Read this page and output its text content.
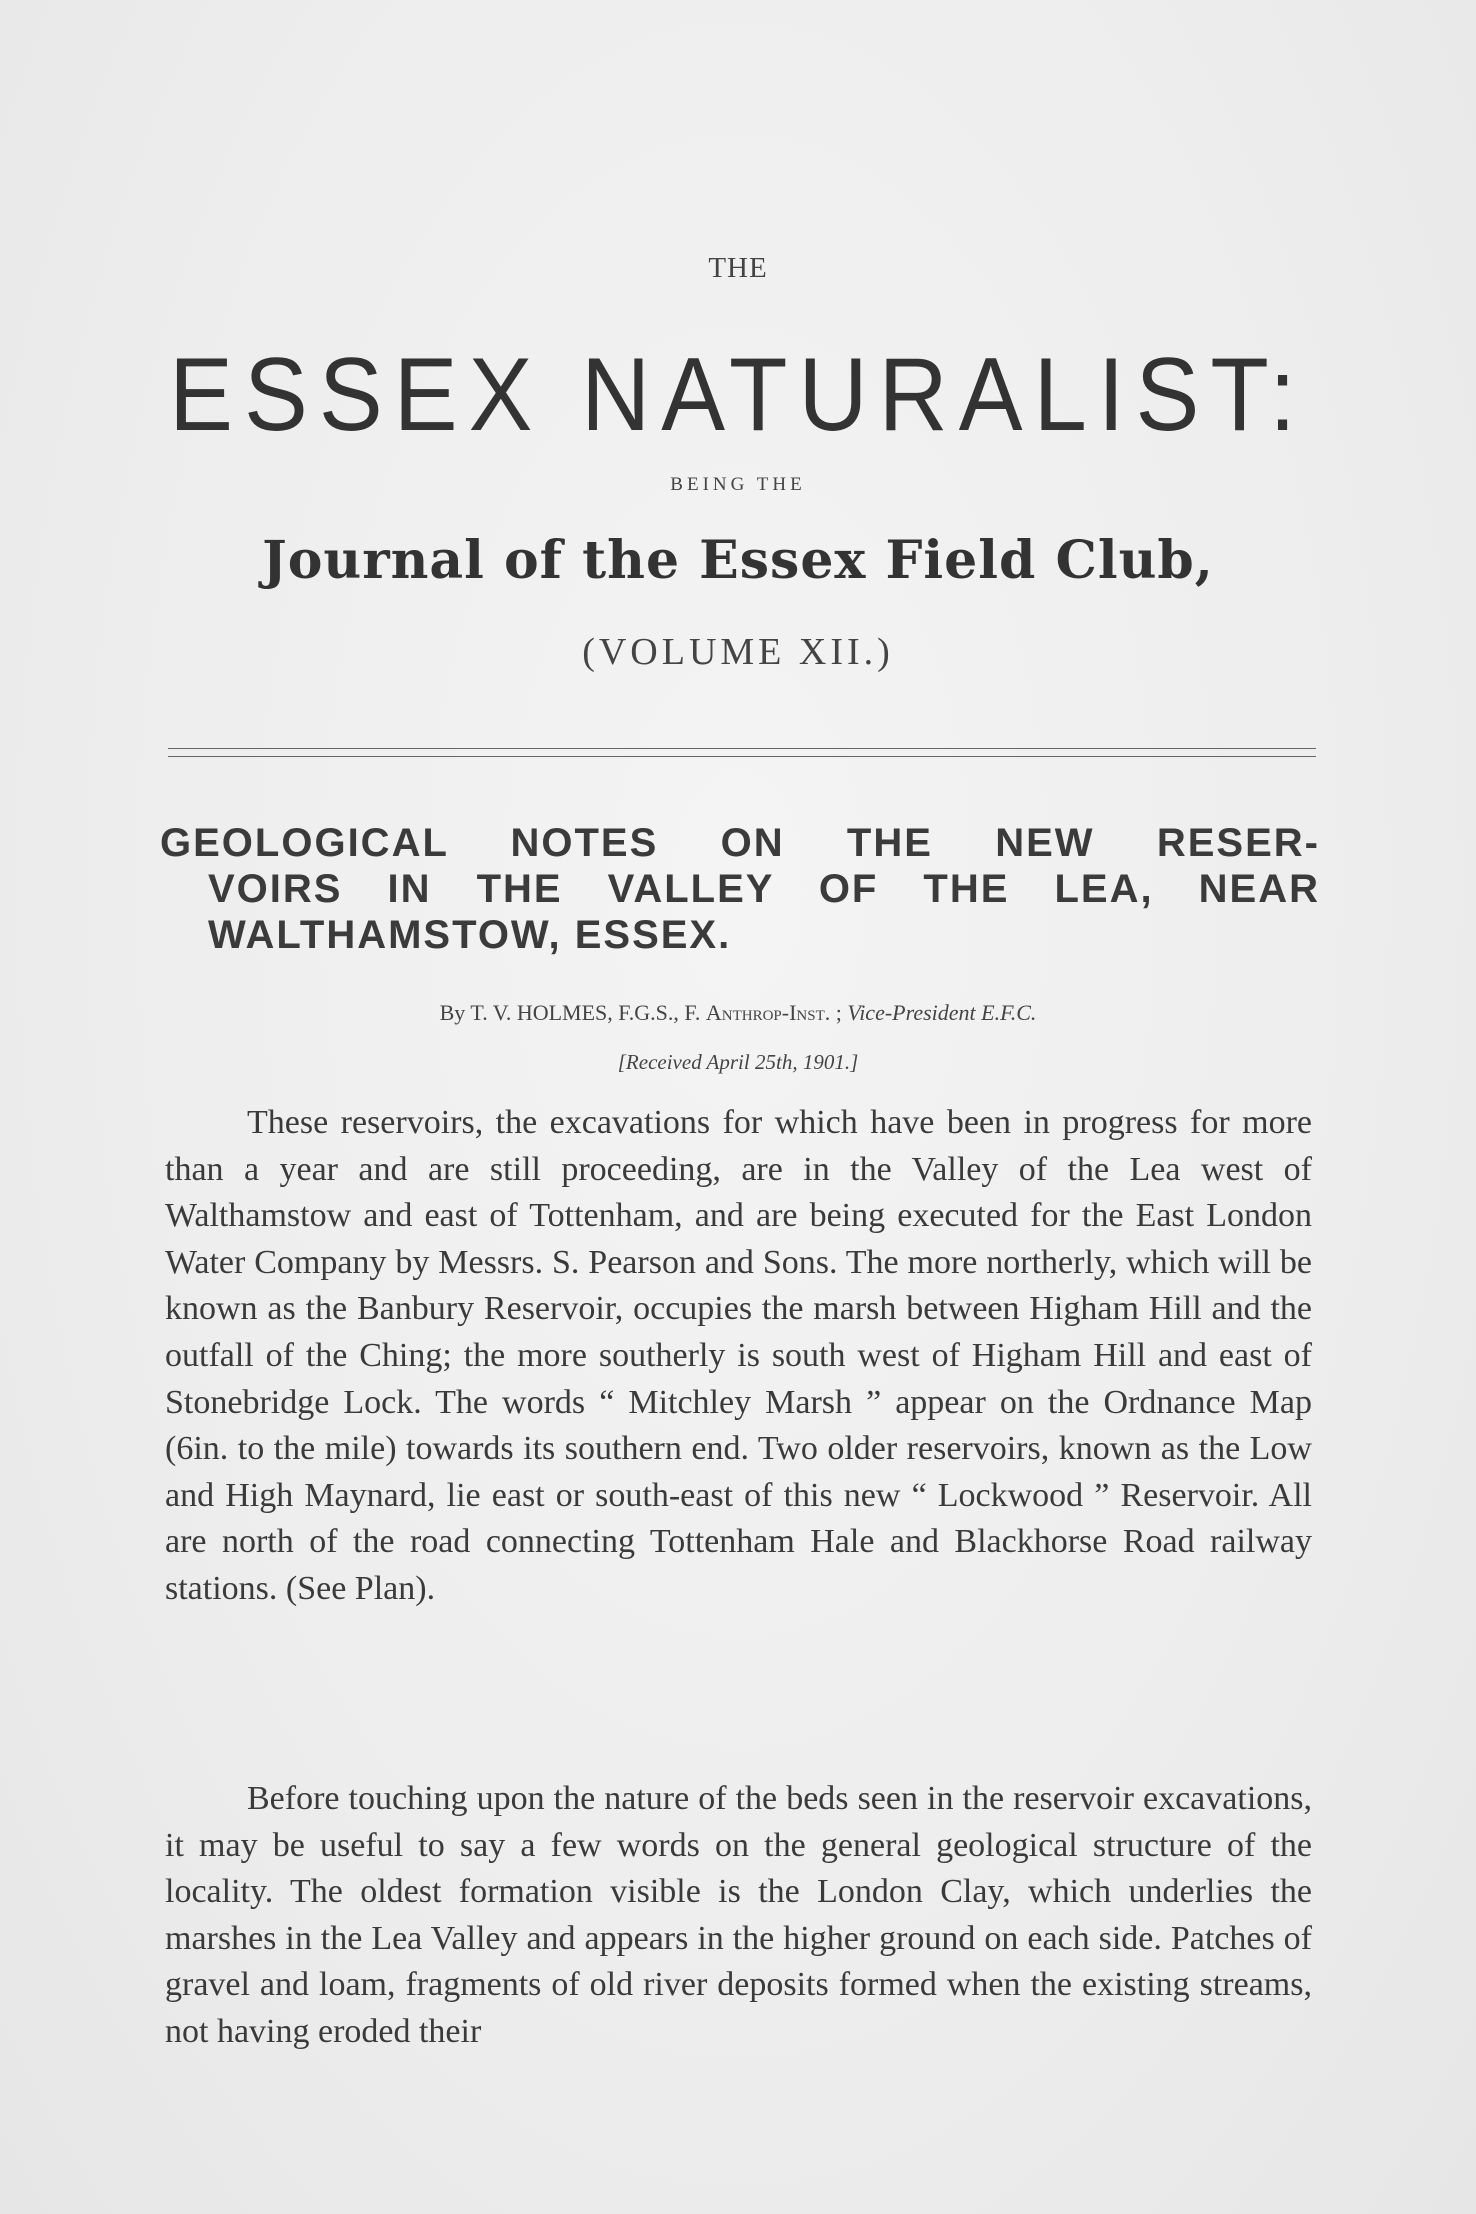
THE
ESSEX NATURALIST:
BEING THE
Journal of the Essex Field Club,
(VOLUME XII.)
GEOLOGICAL NOTES ON THE NEW RESER-
VOIRS IN THE VALLEY OF THE LEA, NEAR
WALTHAMSTOW, ESSEX.
By T. V. HOLMES, F.G.S., F. Anthrop-Inst. ; Vice-President E.F.C.
[Received April 25th, 1901.]

These reservoirs, the excavations for which have been in progress for more than a year and are still proceeding, are in the Valley of the Lea west of Walthamstow and east of Tottenham, and are being executed for the East London Water Company by Messrs. S. Pearson and Sons. The more northerly, which will be known as the Banbury Reservoir, occupies the marsh between Higham Hill and the outfall of the Ching; the more southerly is south west of Higham Hill and east of Stonebridge Lock. The words “ Mitchley Marsh ” appear on the Ordnance Map (6in. to the mile) towards its southern end. Two older reservoirs, known as the Low and High Maynard, lie east or south-east of this new “ Lockwood ” Reservoir. All are north of the road connecting Tottenham Hale and Blackhorse Road railway stations. (See Plan).

Before touching upon the nature of the beds seen in the reservoir excavations, it may be useful to say a few words on the general geological structure of the locality. The oldest formation visible is the London Clay, which underlies the marshes in the Lea Valley and appears in the higher ground on each side. Patches of gravel and loam, fragments of old river deposits formed when the existing streams, not having eroded their
